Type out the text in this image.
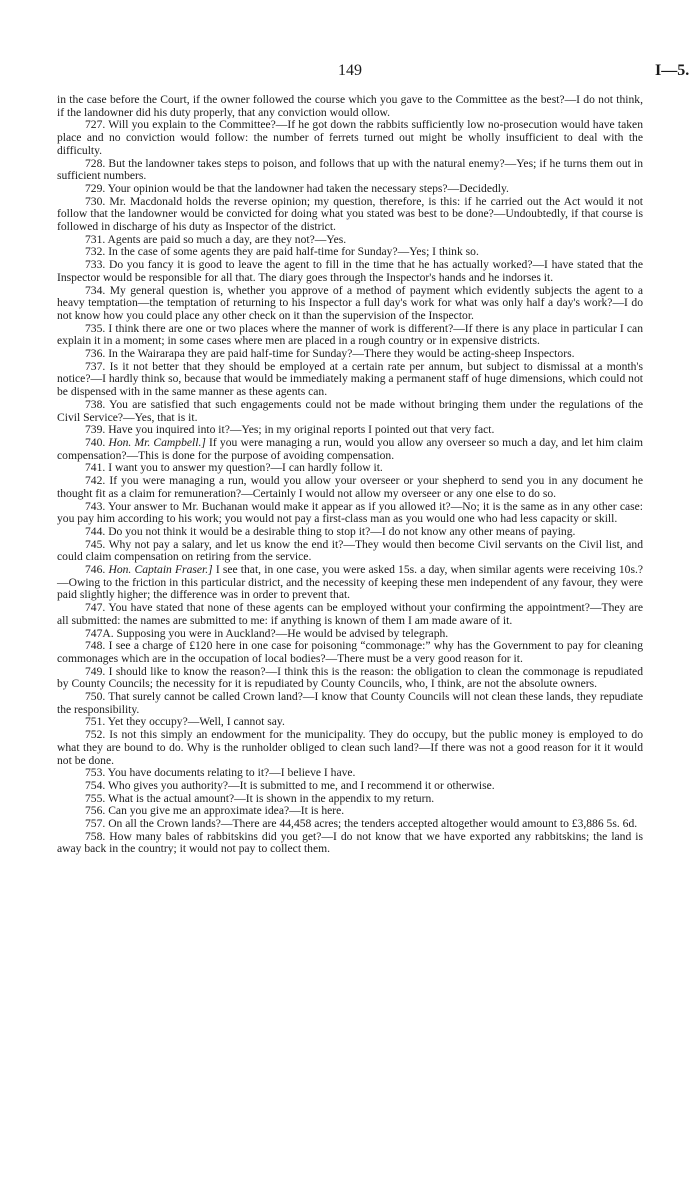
149	I—5.

in the case before the Court, if the owner followed the course which you gave to the Committee as the best?—I do not think, if the landowner did his duty properly, that any conviction would ollow.

727. Will you explain to the Committee?—If he got down the rabbits sufficiently low no-prosecution would have taken place and no conviction would follow: the number of ferrets turned out might be wholly insufficient to deal with the difficulty.

728. But the landowner takes steps to poison, and follows that up with the natural enemy?—Yes; if he turns them out in sufficient numbers.

729. Your opinion would be that the landowner had taken the necessary steps?—Decidedly.

730. Mr. Macdonald holds the reverse opinion; my question, therefore, is this: if he carried out the Act would it not follow that the landowner would be convicted for doing what you stated was best to be done?—Undoubtedly, if that course is followed in discharge of his duty as Inspector of the district.

731. Agents are paid so much a day, are they not?—Yes.

732. In the case of some agents they are paid half-time for Sunday?—Yes; I think so.

733. Do you fancy it is good to leave the agent to fill in the time that he has actually worked?—I have stated that the Inspector would be responsible for all that. The diary goes through the Inspector's hands and he indorses it.

734. My general question is, whether you approve of a method of payment which evidently subjects the agent to a heavy temptation—the temptation of returning to his Inspector a full day's work for what was only half a day's work?—I do not know how you could place any other check on it than the supervision of the Inspector.

735. I think there are one or two places where the manner of work is different?—If there is any place in particular I can explain it in a moment; in some cases where men are placed in a rough country or in expensive districts.

736. In the Wairarapa they are paid half-time for Sunday?—There they would be acting-sheep Inspectors.

737. Is it not better that they should be employed at a certain rate per annum, but subject to dismissal at a month's notice?—I hardly think so, because that would be immediately making a permanent staff of huge dimensions, which could not be dispensed with in the same manner as these agents can.

738. You are satisfied that such engagements could not be made without bringing them under the regulations of the Civil Service?—Yes, that is it.

739. Have you inquired into it?—Yes; in my original reports I pointed out that very fact.

740. Hon. Mr. Campbell.] If you were managing a run, would you allow any overseer so much a day, and let him claim compensation?—This is done for the purpose of avoiding compensation.

741. I want you to answer my question?—I can hardly follow it.

742. If you were managing a run, would you allow your overseer or your shepherd to send you in any document he thought fit as a claim for remuneration?—Certainly I would not allow my overseer or any one else to do so.

743. Your answer to Mr. Buchanan would make it appear as if you allowed it?—No; it is the same as in any other case: you pay him according to his work; you would not pay a first-class man as you would one who had less capacity or skill.

744. Do you not think it would be a desirable thing to stop it?—I do not know any other means of paying.

745. Why not pay a salary, and let us know the end it?—They would then become Civil servants on the Civil list, and could claim compensation on retiring from the service.

746. Hon. Captain Fraser.] I see that, in one case, you were asked 15s. a day, when similar agents were receiving 10s.?—Owing to the friction in this particular district, and the necessity of keeping these men independent of any favour, they were paid slightly higher; the difference was in order to prevent that.

747. You have stated that none of these agents can be employed without your confirming the appointment?—They are all submitted: the names are submitted to me: if anything is known of them I am made aware of it.

747A. Supposing you were in Auckland?—He would be advised by telegraph.

748. I see a charge of £120 here in one case for poisoning “commonage:” why has the Government to pay for cleaning commonages which are in the occupation of local bodies?—There must be a very good reason for it.

749. I should like to know the reason?—I think this is the reason: the obligation to clean the commonage is repudiated by County Councils; the necessity for it is repudiated by County Councils, who, I think, are not the absolute owners.

750. That surely cannot be called Crown land?—I know that County Councils will not clean these lands, they repudiate the responsibility.

751. Yet they occupy?—Well, I cannot say.

752. Is not this simply an endowment for the municipality. They do occupy, but the public money is employed to do what they are bound to do. Why is the runholder obliged to clean such land?—If there was not a good reason for it it would not be done.

753. You have documents relating to it?—I believe I have.

754. Who gives you authority?—It is submitted to me, and I recommend it or otherwise.

755. What is the actual amount?—It is shown in the appendix to my return.

756. Can you give me an approximate idea?—It is here.

757. On all the Crown lands?—There are 44,458 acres; the tenders accepted altogether would amount to £3,886 5s. 6d.

758. How many bales of rabbitskins did you get?—I do not know that we have exported any rabbitskins; the land is away back in the country; it would not pay to collect them.
